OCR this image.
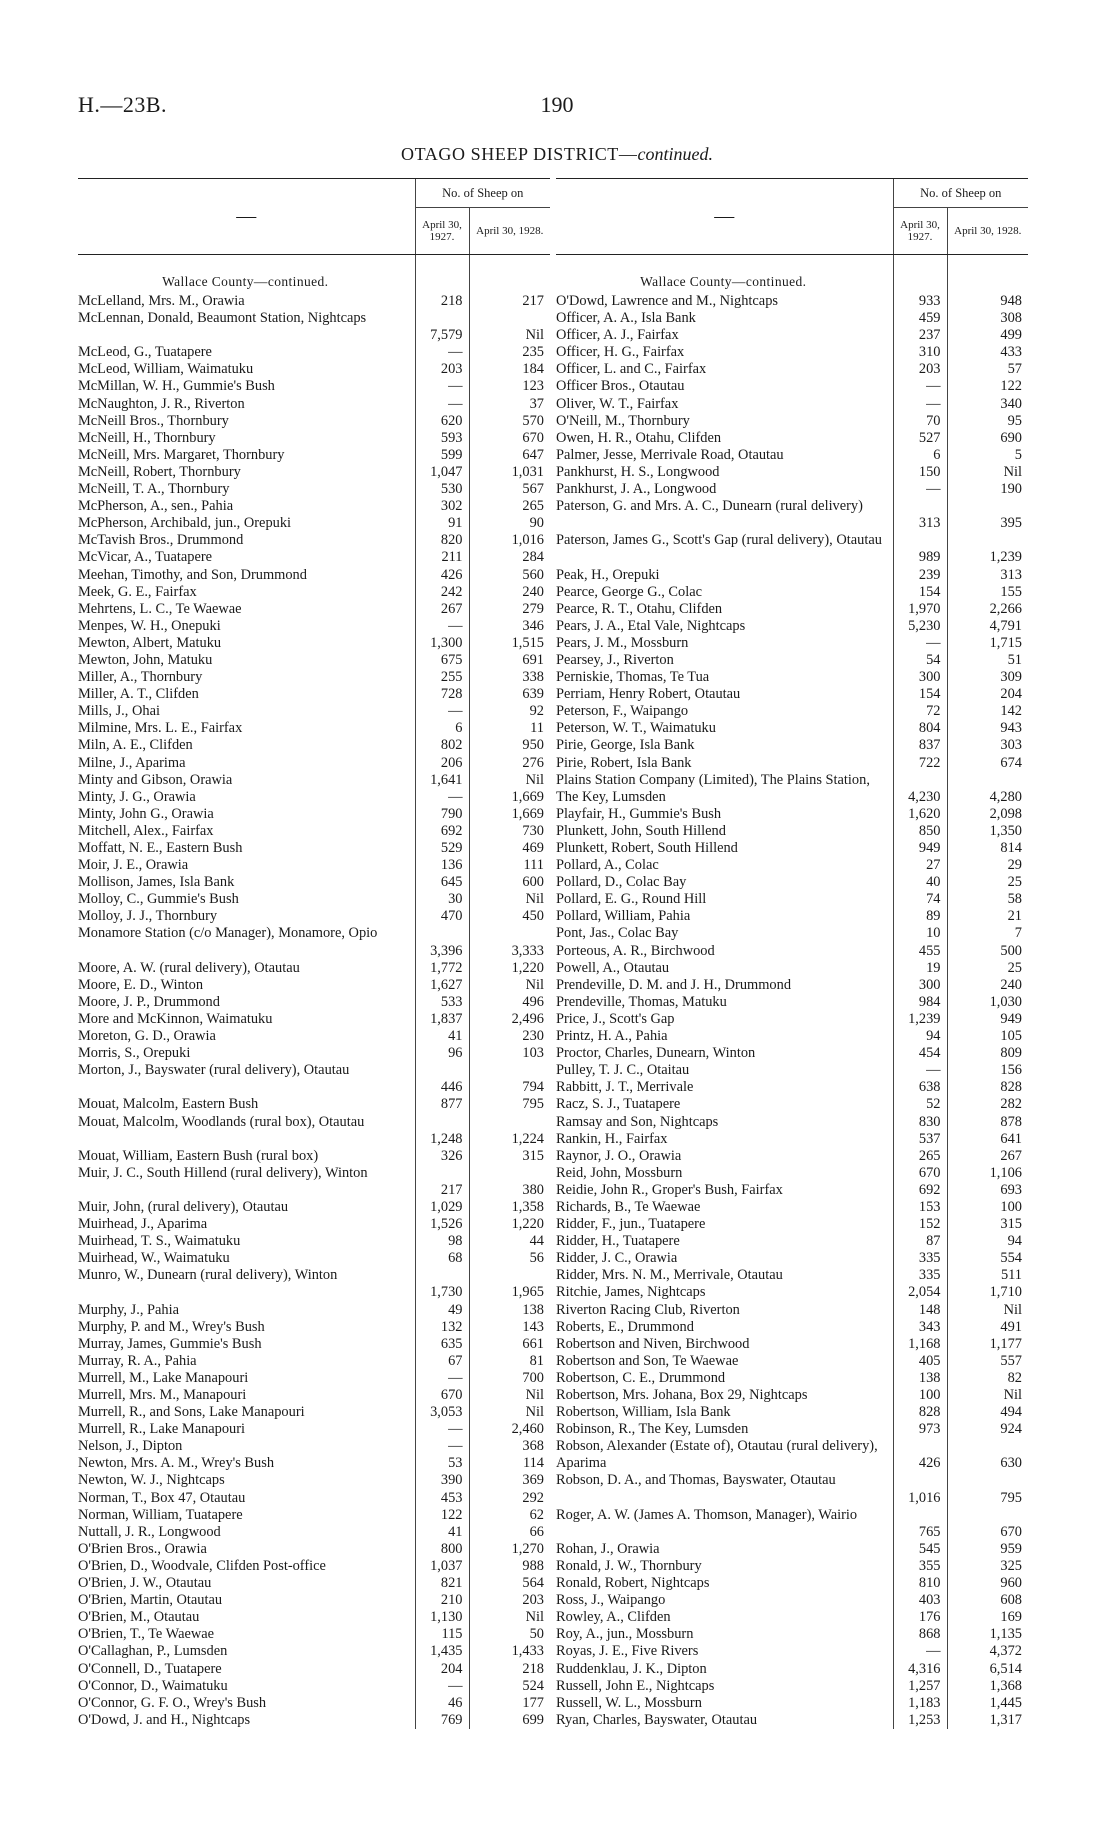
190
H.—23B.
OTAGO SHEEP DISTRICT—continued.
—	No. of Sheep on	
	April 30, 1927.	April 30, 1928.
Wallace County—continued.		
McLelland, Mrs. M., Orawia	218	217
McLennan, Donald, Beaumont Station, Nightcaps	7,579	Nil
McLeod, G., Tuatapere	—	235
McLeod, William, Waimatuku	203	184
McMillan, W. H., Gummie's Bush	—	123
McNaughton, J. R., Riverton	—	37
McNeill Bros., Thornbury	620	570
McNeill, H., Thornbury	593	670
McNeill, Mrs. Margaret, Thornbury	599	647
McNeill, Robert, Thornbury	1,047	1,031
McNeill, T. A., Thornbury	530	567
McPherson, A., sen., Pahia	302	265
McPherson, Archibald, jun., Orepuki	91	90
McTavish Bros., Drummond	820	1,016
McVicar, A., Tuatapere	211	284
Meehan, Timothy, and Son, Drummond	426	560
Meek, G. E., Fairfax	242	240
Mehrtens, L. C., Te Waewae	267	279
Menpes, W. H., Onepuki	—	346
Mewton, Albert, Matuku	1,300	1,515
Mewton, John, Matuku	675	691
Miller, A., Thornbury	255	338
Miller, A. T., Clifden	728	639
Mills, J., Ohai	—	92
Milmine, Mrs. L. E., Fairfax	6	11
Miln, A. E., Clifden	802	950
Milne, J., Aparima	206	276
Minty and Gibson, Orawia	1,641	Nil
Minty, J. G., Orawia	—	1,669
Minty, John G., Orawia	790	1,669
Mitchell, Alex., Fairfax	692	730
Moffatt, N. E., Eastern Bush	529	469
Moir, J. E., Orawia	136	111
Mollison, James, Isla Bank	645	600
Molloy, C., Gummie's Bush	30	Nil
Molloy, J. J., Thornbury	470	450
Monamore Station (c/o Manager), Monamore, Opio	3,396	3,333
Moore, A. W. (rural delivery), Otautau	1,772	1,220
Moore, E. D., Winton	1,627	Nil
Moore, J. P., Drummond	533	496
More and McKinnon, Waimatuku	1,837	2,496
Moreton, G. D., Orawia	41	230
Morris, S., Orepuki	96	103
Morton, J., Bayswater (rural delivery), Otautau	446	794
Mouat, Malcolm, Eastern Bush	877	795
Mouat, Malcolm, Woodlands (rural box), Otautau	1,248	1,224
Mouat, William, Eastern Bush (rural box)	326	315
Muir, J. C., South Hillend (rural delivery), Winton	217	380
Muir, John, (rural delivery), Otautau	1,029	1,358
Muirhead, J., Aparima	1,526	1,220
Muirhead, T. S., Waimatuku	98	44
Muirhead, W., Waimatuku	68	56
Munro, W., Dunearn (rural delivery), Winton	1,730	1,965
Murphy, J., Pahia	49	138
Murphy, P. and M., Wrey's Bush	132	143
Murray, James, Gummie's Bush	635	661
Murray, R. A., Pahia	67	81
Murrell, M., Lake Manapouri	—	700
Murrell, Mrs. M., Manapouri	670	Nil
Murrell, R., and Sons, Lake Manapouri	3,053	Nil
Murrell, R., Lake Manapouri	—	2,460
Nelson, J., Dipton	—	368
Newton, Mrs. A. M., Wrey's Bush	53	114
Newton, W. J., Nightcaps	390	369
Norman, T., Box 47, Otautau	453	292
Norman, William, Tuatapere	122	62
Nuttall, J. R., Longwood	41	66
O'Brien Bros., Orawia	800	1,270
O'Brien, D., Woodvale, Clifden Post-office	1,037	988
O'Brien, J. W., Otautau	821	564
O'Brien, Martin, Otautau	210	203
O'Brien, M., Otautau	1,130	Nil
O'Brien, T., Te Waewae	115	50
O'Callaghan, P., Lumsden	1,435	1,433
O'Connell, D., Tuatapere	204	218
O'Connor, D., Waimatuku	—	524
O'Connor, G. F. O., Wrey's Bush	46	177
O'Dowd, J. and H., Nightcaps	769	699
—	No. of Sheep on	
	April 30, 1927.	April 30, 1928.
Wallace County—continued.		
O'Dowd, Lawrence and M., Nightcaps	933	948
Officer, A. A., Isla Bank	459	308
Officer, A. J., Fairfax	237	499
Officer, H. G., Fairfax	310	433
Officer, L. and C., Fairfax	203	57
Officer Bros., Otautau	—	122
Oliver, W. T., Fairfax	—	340
O'Neill, M., Thornbury	70	95
Owen, H. R., Otahu, Clifden	527	690
Palmer, Jesse, Merrivale Road, Otautau	6	5
Pankhurst, H. S., Longwood	150	Nil
Pankhurst, J. A., Longwood	—	190
Paterson, G. and Mrs. A. C., Dunearn (rural delivery)	313	395
Paterson, James G., Scott's Gap (rural delivery), Otautau	989	1,239
Peak, H., Orepuki	239	313
Pearce, George G., Colac	154	155
Pearce, R. T., Otahu, Clifden	1,970	2,266
Pears, J. A., Etal Vale, Nightcaps	5,230	4,791
Pears, J. M., Mossburn	—	1,715
Pearsey, J., Riverton	54	51
Perniskie, Thomas, Te Tua	300	309
Perriam, Henry Robert, Otautau	154	204
Peterson, F., Waipango	72	142
Peterson, W. T., Waimatuku	804	943
Pirie, George, Isla Bank	837	303
Pirie, Robert, Isla Bank	722	674
Plains Station Company (Limited), The Plains Station, The Key, Lumsden	4,230	4,280
Playfair, H., Gummie's Bush	1,620	2,098
Plunkett, John, South Hillend	850	1,350
Plunkett, Robert, South Hillend	949	814
Pollard, A., Colac	27	29
Pollard, D., Colac Bay	40	25
Pollard, E. G., Round Hill	74	58
Pollard, William, Pahia	89	21
Pont, Jas., Colac Bay	10	7
Porteous, A. R., Birchwood	455	500
Powell, A., Otautau	19	25
Prendeville, D. M. and J. H., Drummond	300	240
Prendeville, Thomas, Matuku	984	1,030
Price, J., Scott's Gap	1,239	949
Printz, H. A., Pahia	94	105
Proctor, Charles, Dunearn, Winton	454	809
Pulley, T. J. C., Otaitau	—	156
Rabbitt, J. T., Merrivale	638	828
Racz, S. J., Tuatapere	52	282
Ramsay and Son, Nightcaps	830	878
Rankin, H., Fairfax	537	641
Raynor, J. O., Orawia	265	267
Reid, John, Mossburn	670	1,106
Reidie, John R., Groper's Bush, Fairfax	692	693
Richards, B., Te Waewae	153	100
Ridder, F., jun., Tuatapere	152	315
Ridder, H., Tuatapere	87	94
Ridder, J. C., Orawia	335	554
Ridder, Mrs. N. M., Merrivale, Otautau	335	511
Ritchie, James, Nightcaps	2,054	1,710
Riverton Racing Club, Riverton	148	Nil
Roberts, E., Drummond	343	491
Robertson and Niven, Birchwood	1,168	1,177
Robertson and Son, Te Waewae	405	557
Robertson, C. E., Drummond	138	82
Robertson, Mrs. Johana, Box 29, Nightcaps	100	Nil
Robertson, William, Isla Bank	828	494
Robinson, R., The Key, Lumsden	973	924
Robson, Alexander (Estate of), Otautau (rural delivery), Aparima	426	630
Robson, D. A., and Thomas, Bayswater, Otautau	1,016	795
Roger, A. W. (James A. Thomson, Manager), Wairio	765	670
Rohan, J., Orawia	545	959
Ronald, J. W., Thornbury	355	325
Ronald, Robert, Nightcaps	810	960
Ross, J., Waipango	403	608
Rowley, A., Clifden	176	169
Roy, A., jun., Mossburn	868	1,135
Royas, J. E., Five Rivers	—	4,372
Ruddenklau, J. K., Dipton	4,316	6,514
Russell, John E., Nightcaps	1,257	1,368
Russell, W. L., Mossburn	1,183	1,445
Ryan, Charles, Bayswater, Otautau	1,253	1,317
